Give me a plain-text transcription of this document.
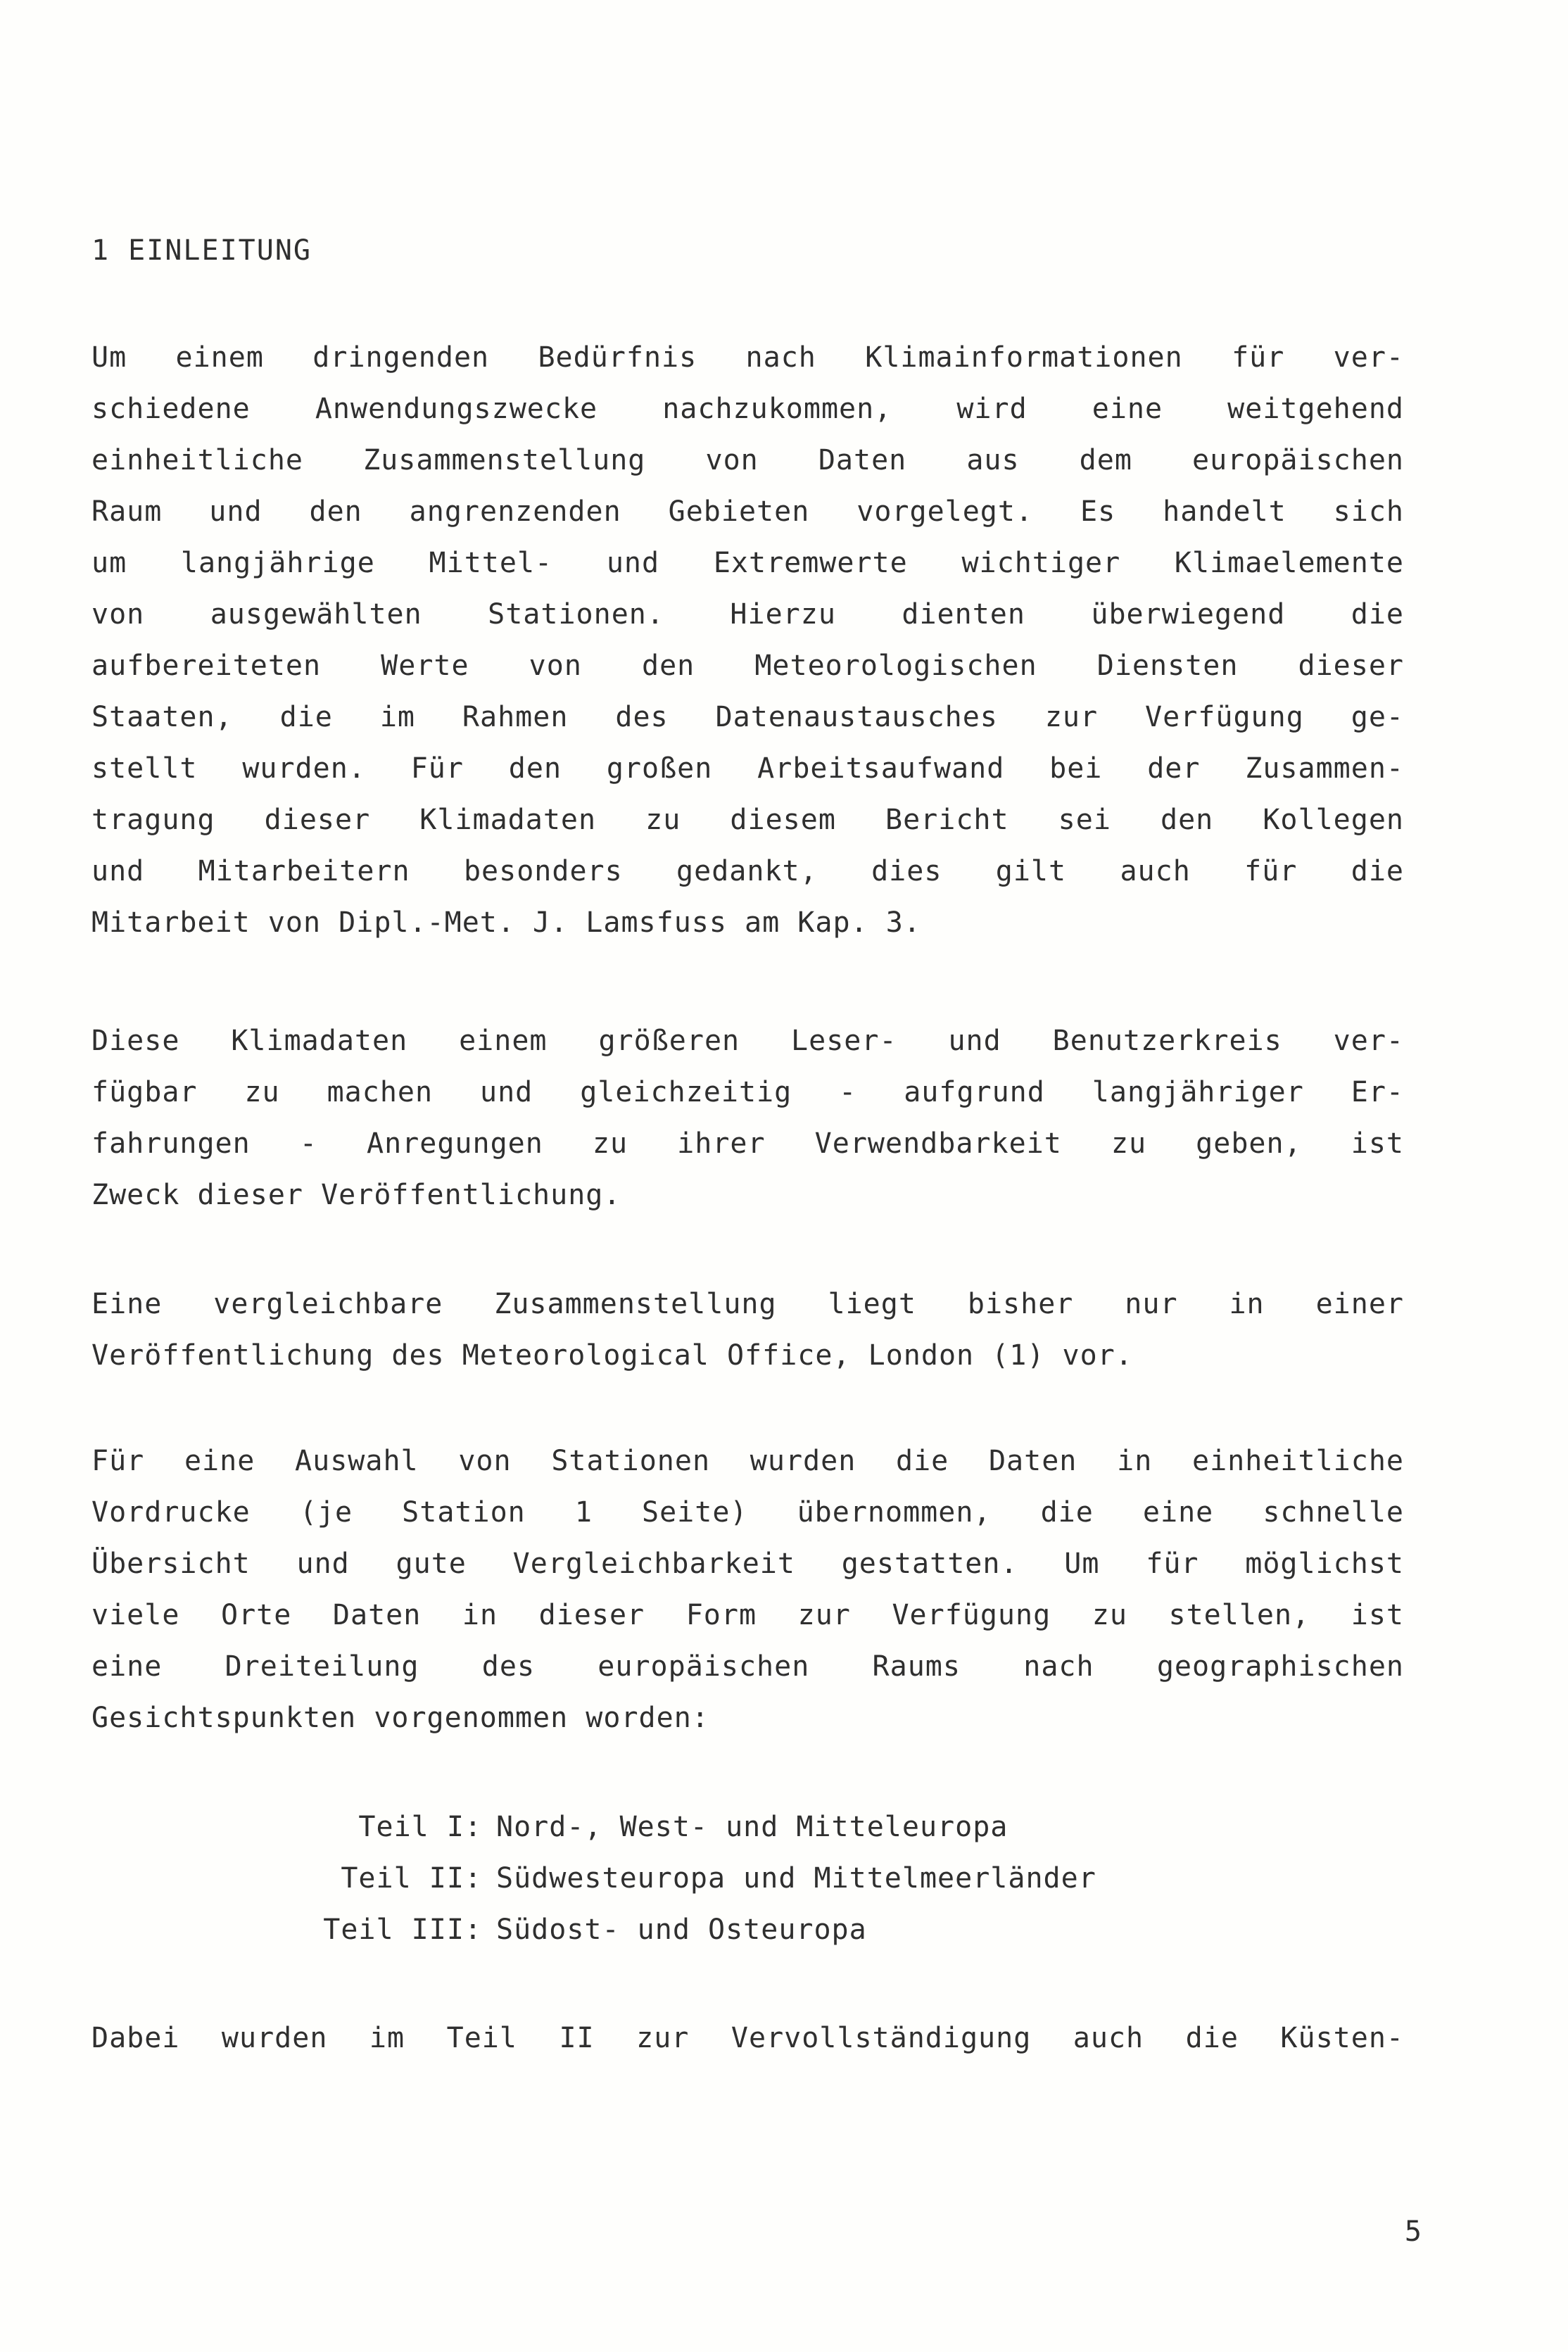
1 EINLEITUNG
Um einem dringenden Bedürfnis nach Klimainformationen für ver-
schiedene Anwendungszwecke nachzukommen, wird eine weitgehend
einheitliche Zusammenstellung von Daten aus dem europäischen
Raum und den angrenzenden Gebieten vorgelegt. Es handelt sich
um langjährige Mittel- und Extremwerte wichtiger Klimaelemente
von ausgewählten Stationen. Hierzu dienten überwiegend die
aufbereiteten Werte von den Meteorologischen Diensten dieser
Staaten, die im Rahmen des Datenaustausches zur Verfügung ge-
stellt wurden. Für den großen Arbeitsaufwand bei der Zusammen-
tragung dieser Klimadaten zu diesem Bericht sei den Kollegen
und Mitarbeitern besonders gedankt, dies gilt auch für die
Mitarbeit von Dipl.-Met. J. Lamsfuss am Kap. 3.
Diese Klimadaten einem größeren Leser- und Benutzerkreis ver-
fügbar zu machen und gleichzeitig - aufgrund langjähriger Er-
fahrungen - Anregungen zu ihrer Verwendbarkeit zu geben, ist
Zweck dieser Veröffentlichung.
Eine vergleichbare Zusammenstellung liegt bisher nur in einer
Veröffentlichung des Meteorological Office, London (1) vor.
Für eine Auswahl von Stationen wurden die Daten in einheitliche
Vordrucke (je Station 1 Seite) übernommen, die eine schnelle
Übersicht und gute Vergleichbarkeit gestatten. Um für möglichst
viele Orte Daten in dieser Form zur Verfügung zu stellen, ist
eine Dreiteilung des europäischen Raums nach geographischen
Gesichtspunkten vorgenommen worden:
Teil I: Nord-, West- und Mitteleuropa
Teil II: Südwesteuropa und Mittelmeerländer
Teil III: Südost- und Osteuropa
Dabei wurden im Teil II zur Vervollständigung auch die Küsten-
5
